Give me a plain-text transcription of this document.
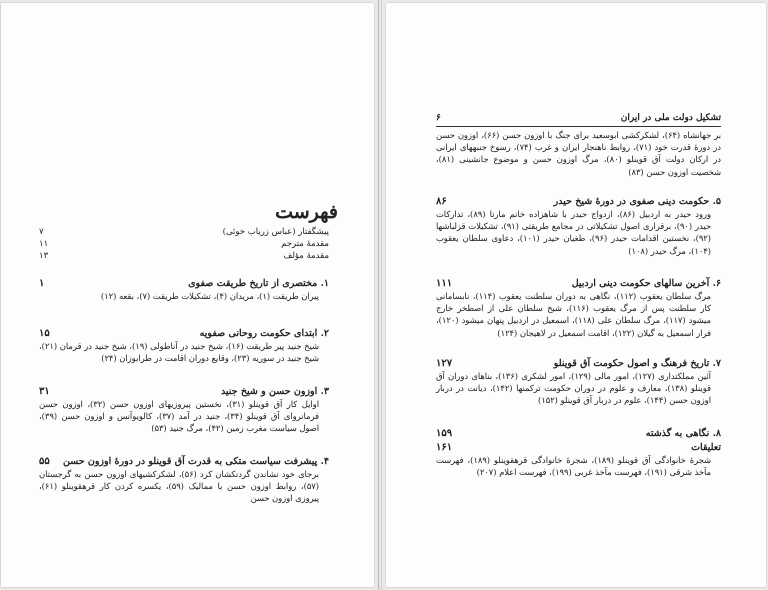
فهرست
پیشگفتار (عباس زریاب خوئی)
۷
مقدمهٔ مترجم
۱۱
مقدمهٔ مؤلف
۱۳
۱. مختصری از تاریخ طریقت صفوی
۱
پیران طریقت (۱)، مریدان (۴)، تشکیلات طریقت (۷)، بقعه (۱۲)
۲. ابتدای حکومت روحانی صفویه
۱۵
شیخ جنید پیر طریقت (۱۶)، شیخ جنید در آناطولی (۱۹)، شیخ جنید در قرمان (۲۱)، شیخ جنید در سوریه (۲۳)، وقایع دوران اقامت در طرابوزان (۲۴)
۳. اوزون حسن و شیخ جنید
۳۱
اوایل کار آق قوینلو (۳۱)، نخستین پیروزیهای اوزون حسن (۳۲)، اوزون حسن فرمانروای آق قوینلو (۳۴)، جنید در آمد (۳۷)، کالویوآنس و اوزون حسن (۳۹)، اصول سیاست مغرب زمین (۴۲)، مرگ جنید (۵۳)
۴. پیشرفت سیاست متکی به قدرت آق قوینلو در دورهٔ اوزون حسن
۵۵
برجای خود نشاندن گردنکشان کرد (۵۶)، لشکرکشیهای اوزون حسن به گرجستان (۵۷)، روابط اوزون حسن با ممالیک (۵۹)، یکسره کردن کار قرهقوینلو (۶۱)، پیروزی اوزون حسن
تشکیل دولت ملی در ایران
۶
بر جهانشاه (۶۴)، لشکرکشی ابوسعید برای جنگ با اوزون حسن (۶۶)، اوزون حسن در دورهٔ قدرت خود (۷۱)، روابط ناهنجار ایران و غرب (۷۴)، رسوخ جنبههای ایرانی در ارکان دولت آق قوینلو (۸۰)، مرگ اوزون حسن و موضوع جانشینی (۸۱)، شخصیت اوزون حسن (۸۳)
۵. حکومت دینی صفوی در دورهٔ شیخ حیدر
۸۶
ورود حیدر به اردبیل (۸۶)، ازدواج حیدر با شاهزاده خانم مارتا (۸۹)، تدارکات حیدر (۹۰)، برقراری اصول تشکیلاتی در مجامع طریقتی (۹۱)، تشکیلات قزلباشها (۹۲)، نخستین اقدامات حیدر (۹۶)، طغیان حیدر (۱۰۱)، دعاوی سلطان یعقوب (۱۰۴)، مرگ حیدر (۱۰۸)
۶. آخرین سالهای حکومت دینی اردبیل
۱۱۱
مرگ سلطان یعقوب (۱۱۲)، نگاهی به دوران سلطنت یعقوب (۱۱۴)، نابسامانی کار سلطنت پس از مرگ یعقوب (۱۱۶)، شیخ سلطان علی از اصطخر خارج میشود (۱۱۷)، مرگ سلطان علی (۱۱۸)، اسمعیل در اردبیل پنهان میشود (۱۲۰)، فرار اسمعیل به گیلان (۱۲۲)، اقامت اسمعیل در لاهیجان (۱۲۴)
۷. تاریخ فرهنگ و اصول حکومت آق قوینلو
۱۲۷
آئین مملکتداری (۱۲۷)، امور مالی (۱۲۹)، امور لشکری (۱۳۶)، بناهای دوران آق قوینلو (۱۳۸)، معارف و علوم در دوران حکومت ترکمنها (۱۴۲)، دیانت در دربار اوزون حسن (۱۴۴)، علوم در دربار آق قوینلو (۱۵۲)
۸. نگاهی به گذشته
۱۵۹
تعلیقات
۱۶۱
شجرهٔ خانوادگی آق قوینلو (۱۸۹)، شجرهٔ خانوادگی قرهقوینلو (۱۸۹)، فهرست مآخذ شرقی (۱۹۱)، فهرست مآخذ غربی (۱۹۹)، فهرست اعلام (۲۰۷)
